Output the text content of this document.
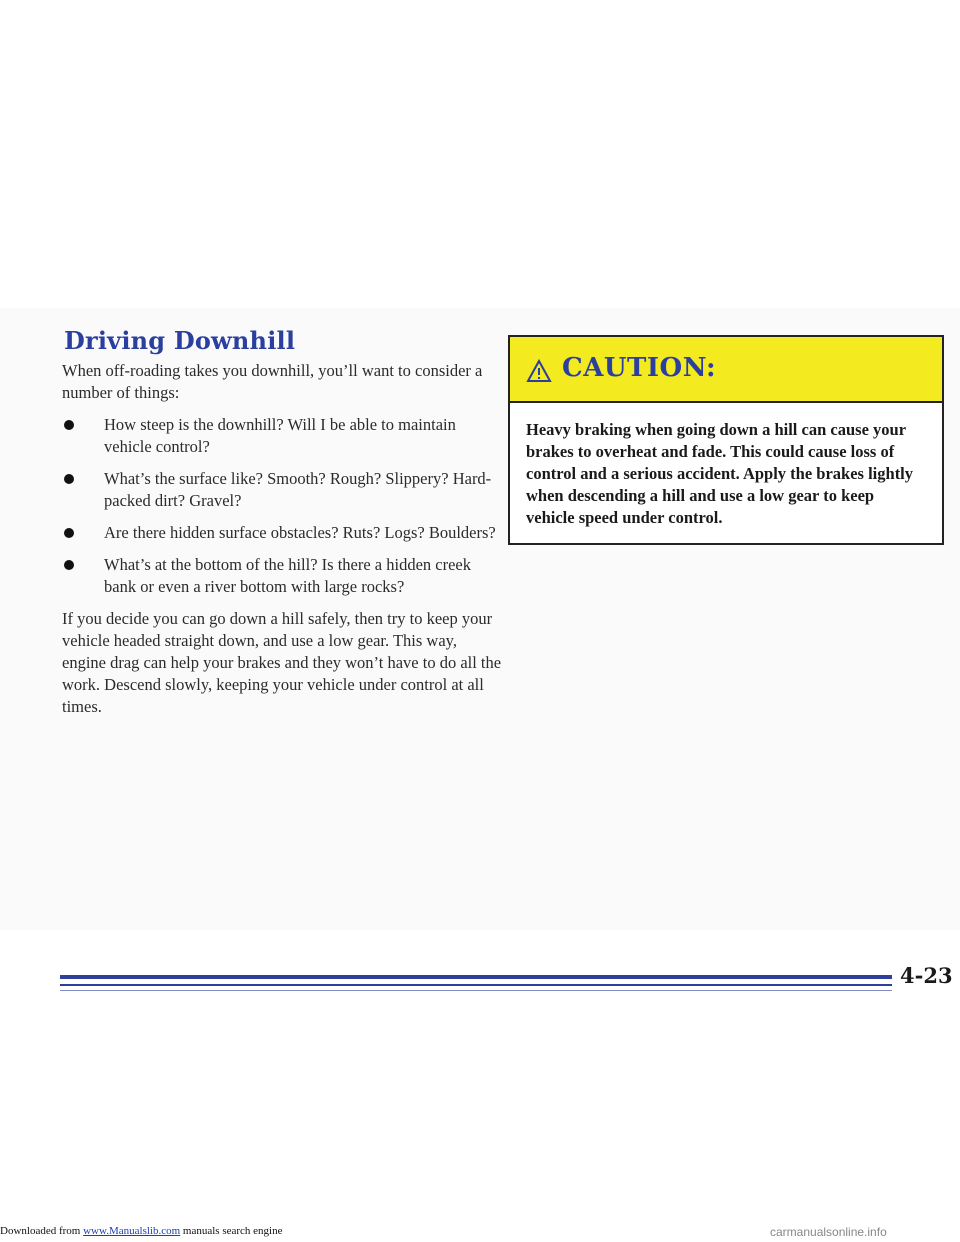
Driving Downhill

When off-roading takes you downhill, you’ll want to consider a number of things:

How steep is the downhill? Will I be able to maintain vehicle control?
What’s the surface like? Smooth? Rough? Slippery? Hard-packed dirt? Gravel?
Are there hidden surface obstacles? Ruts? Logs? Boulders?
What’s at the bottom of the hill? Is there a hidden creek bank or even a river bottom with large rocks?

If you decide you can go down a hill safely, then try to keep your vehicle headed straight down, and use a low gear. This way, engine drag can help your brakes and they won’t have to do all the work. Descend slowly, keeping your vehicle under control at all times.

CAUTION:
Heavy braking when going down a hill can cause your brakes to overheat and fade. This could cause loss of control and a serious accident. Apply the brakes lightly when descending a hill and use a low gear to keep vehicle speed under control.
4-23
Downloaded from www.Manualslib.com manuals search engine	carmanualsonline.info
